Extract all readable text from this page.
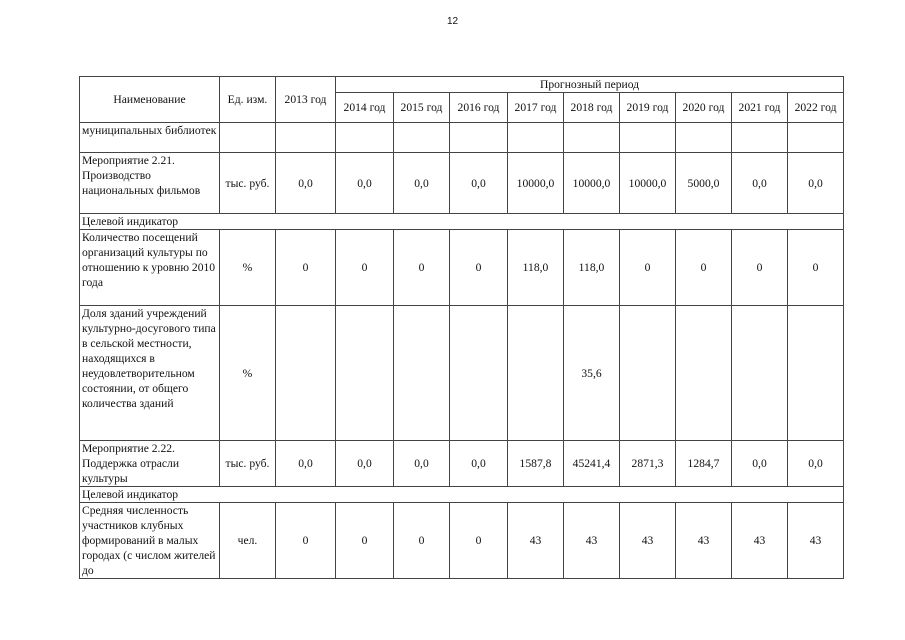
12
Наименование	Ед. изм.	2013 год	Прогнозный период								
			2014 год	2015 год	2016 год	2017 год	2018 год	2019 год	2020 год	2021 год	2022 год
муниципальных библиотек											
Мероприятие 2.21. Производство национальных фильмов	тыс. руб.	0,0	0,0	0,0	0,0	10000,0	10000,0	10000,0	5000,0	0,0	0,0
Целевой индикатор											
Количество посещений организаций культуры по отношению к уровню 2010 года	%	0	0	0	0	118,0	118,0	0	0	0	0
Доля зданий учреждений культурно-досугового типа в сельской местности, находящихся в неудовлетворительном состоянии, от общего количества зданий	%						35,6				
Мероприятие 2.22. Поддержка отрасли культуры	тыс. руб.	0,0	0,0	0,0	0,0	1587,8	45241,4	2871,3	1284,7	0,0	0,0
Целевой индикатор											
Средняя численность участников клубных формирований в малых городах (с числом жителей до	чел.	0	0	0	0	43	43	43	43	43	43
